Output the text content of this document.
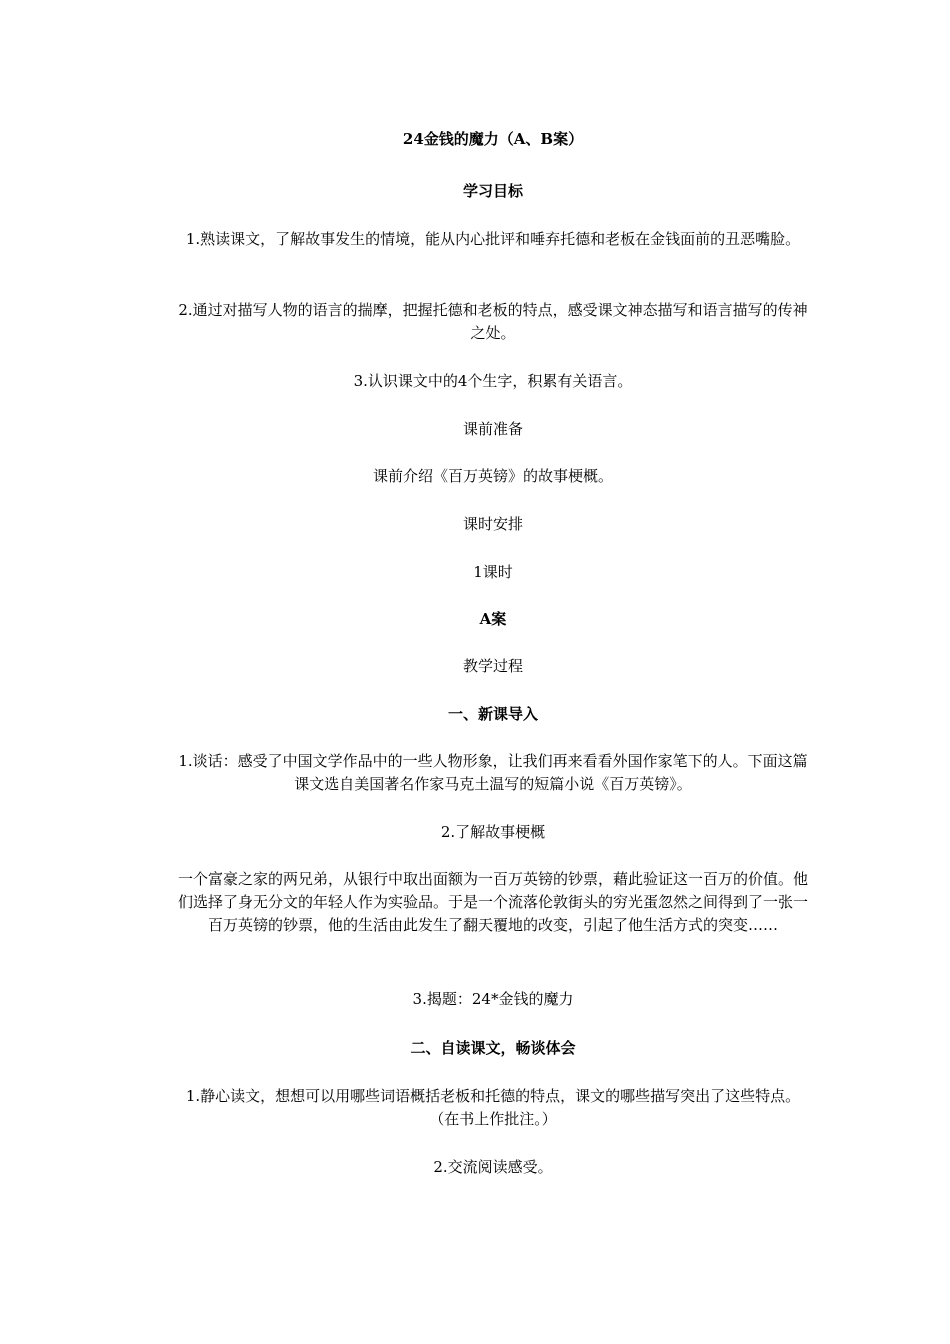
24金钱的魔力（A、B案）
学习目标
1.熟读课文，了解故事发生的情境，能从内心批评和唾弃托德和老板在金钱面前的丑恶嘴脸。
2.通过对描写人物的语言的揣摩，把握托德和老板的特点，感受课文神态描写和语言描写的传神之处。
3.认识课文中的4个生字，积累有关语言。
课前准备
课前介绍《百万英镑》的故事梗概。
课时安排
1课时
A案
教学过程
一、新课导入
1.谈话：感受了中国文学作品中的一些人物形象，让我们再来看看外国作家笔下的人。下面这篇课文选自美国著名作家马克土温写的短篇小说《百万英镑》。
2.了解故事梗概
一个富豪之家的两兄弟，从银行中取出面额为一百万英镑的钞票，藉此验证这一百万的价值。他们选择了身无分文的年轻人作为实验品。于是一个流落伦敦街头的穷光蛋忽然之间得到了一张一百万英镑的钞票，他的生活由此发生了翻天覆地的改变，引起了他生活方式的突变……
3.揭题：24*金钱的魔力
二、自读课文，畅谈体会
1.静心读文，想想可以用哪些词语概括老板和托德的特点，课文的哪些描写突出了这些特点。（在书上作批注。）
2.交流阅读感受。
